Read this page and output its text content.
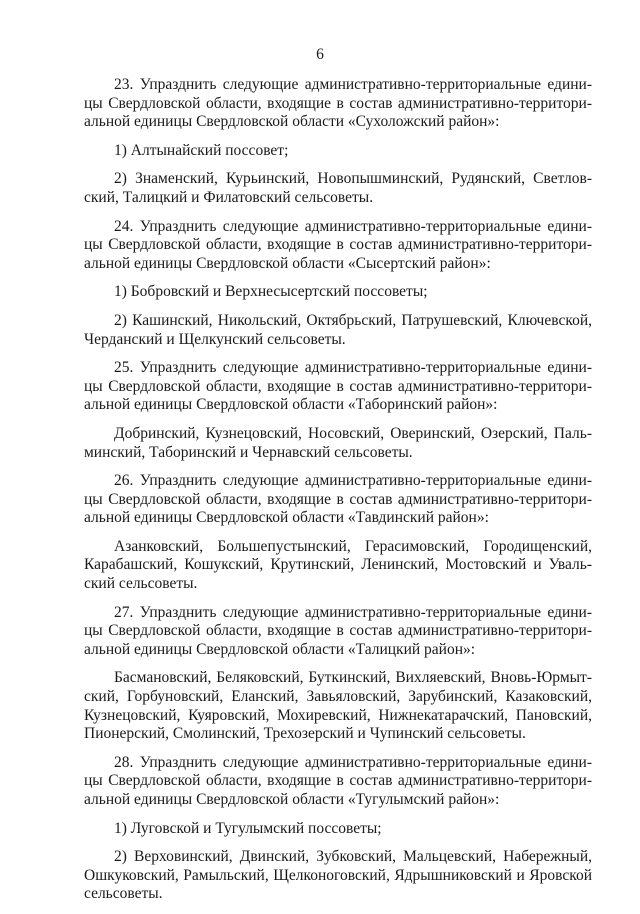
6

23. Упразднить следующие административно-территориальные единицы Свердловской области, входящие в состав административно-территориальной единицы Свердловской области «Сухоложский район»:

1) Алтынайский поссовет;

2) Знаменский, Курьинский, Новопышминский, Рудянский, Светловский, Талицкий и Филатовский сельсоветы.

24. Упразднить следующие административно-территориальные единицы Свердловской области, входящие в состав административно-территориальной единицы Свердловской области «Сысертский район»:

1) Бобровский и Верхнесысертский поссоветы;

2) Кашинский, Никольский, Октябрьский, Патрушевский, Ключевской, Черданский и Щелкунский сельсоветы.

25. Упразднить следующие административно-территориальные единицы Свердловской области, входящие в состав административно-территориальной единицы Свердловской области «Таборинский район»:

Добринский, Кузнецовский, Носовский, Оверинский, Озерский, Пальминский, Таборинский и Чернавский сельсоветы.

26. Упразднить следующие административно-территориальные единицы Свердловской области, входящие в состав административно-территориальной единицы Свердловской области «Тавдинский район»:

Азанковский, Большепустынский, Герасимовский, Городищенский, Карабашский, Кошукский, Крутинский, Ленинский, Мостовский и Увальский сельсоветы.

27. Упразднить следующие административно-территориальные единицы Свердловской области, входящие в состав административно-территориальной единицы Свердловской области «Талицкий район»:

Басмановский, Беляковский, Буткинский, Вихляевский, Вновь-Юрмытский, Горбуновский, Еланский, Завьяловский, Зарубинский, Казаковский, Кузнецовский, Куяровский, Мохиревский, Нижнекатарачский, Пановский, Пионерский, Смолинский, Трехозерский и Чупинский сельсоветы.

28. Упразднить следующие административно-территориальные единицы Свердловской области, входящие в состав административно-территориальной единицы Свердловской области «Тугулымский район»:

1) Луговской и Тугулымский поссоветы;

2) Верховинский, Двинский, Зубковский, Мальцевский, Набережный, Ошкуковский, Рамыльский, Щелконоговский, Ядрышниковский и Яровской сельсоветы.
